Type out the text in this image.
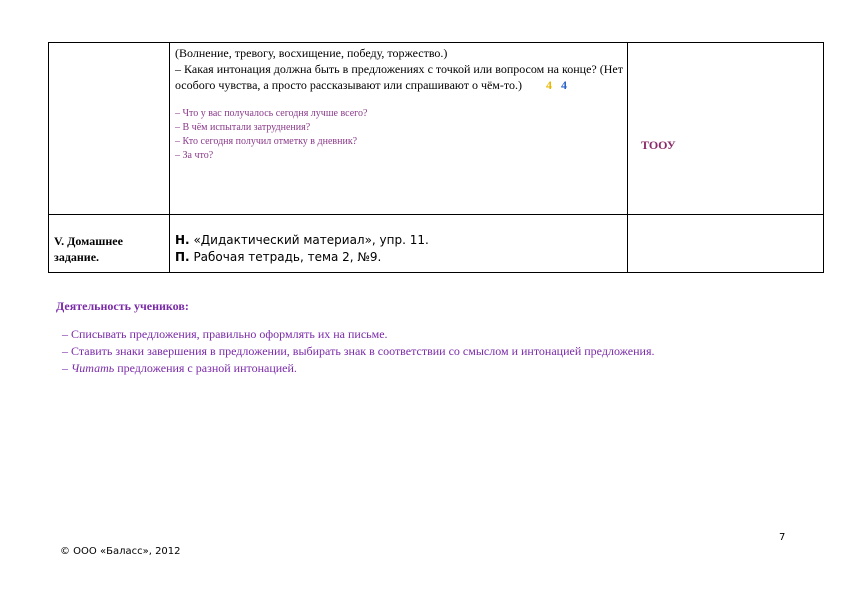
(Волнение, тревогу, восхищение, победу, торжество.)
– Какая интонация должна быть в предложениях с точкой или вопросом на конце? (Нет особого чувства, а просто рассказывают или спрашивают о чём-то.) 4 4
– Что у вас получалось сегодня лучше всего?
– В чём испытали затруднения?
– Кто сегодня получил отметку в дневник?
– За что?
ТООУ
V. Домашнее задание.
Н. «Дидактический материал», упр. 11.
П. Рабочая тетрадь, тема 2, №9.
Деятельность учеников:
– Списывать предложения, правильно оформлять их на письме.
– Ставить знаки завершения в предложении, выбирать знак в соответствии со смыслом и интонацией предложения.
– Читать предложения с разной интонацией.
7
© ООО «Баласс», 2012
